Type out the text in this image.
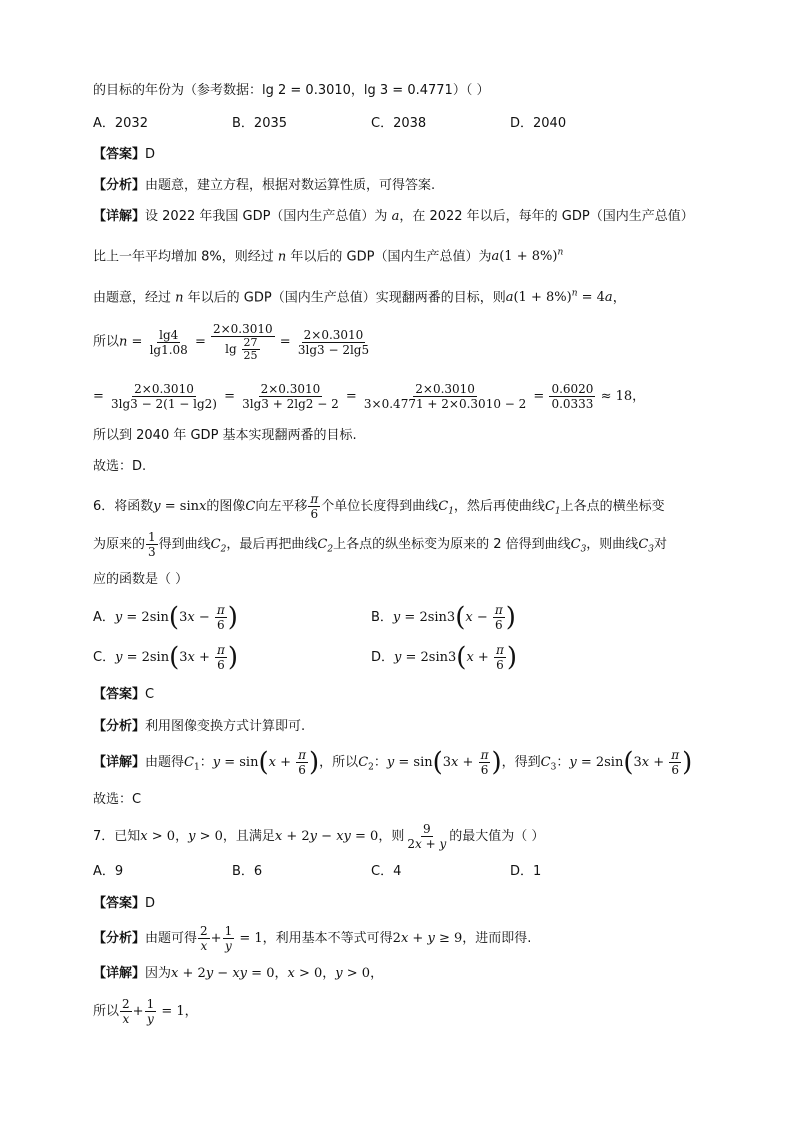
的目标的年份为（参考数据：lg 2 = 0.3010，lg 3 = 0.4771）（ ）
A．2032	B．2035	C．2038	D．2040
【答案】D
【分析】由题意，建立方程，根据对数运算性质，可得答案.
【详解】设 2022 年我国 GDP（国内生产总值）为 a，在 2022 年以后，每年的 GDP（国内生产总值）
比上一年平均增加 8%，则经过 n 年以后的 GDP（国内生产总值）为$a(1 + 8\%)^n$
由题意，经过 n 年以后的 GDP（国内生产总值）实现翻两番的目标，则$a(1 + 8\%)^n = 4a$，
所以$n = \frac{\lg 4}{\lg 1.08} = \frac{2\times 0.3010}{\lg \frac{27}{25}} = \frac{2\times 0.3010}{3\lg 3 - 2\lg 5}$
= $\frac{2\times 0.3010}{3\lg 3 - 2(1 - \lg 2)} = \frac{2\times 0.3010}{3\lg 3 + 2\lg 2 - 2} = \frac{2\times 0.3010}{3\times 0.4771 + 2\times 0.3010 - 2} = \frac{0.6020}{0.0333} \approx 18$，
所以到 2040 年 GDP 基本实现翻两番的目标.
故选：D.
6．将函数y = sinx的图像C向左平移 $\frac{\pi}{6}$ 个单位长度得到曲线$C_1$，然后再使曲线$C_1$上各点的横坐标变
为原来的 $\frac{1}{3}$ 得到曲线$C_2$，最后再把曲线$C_2$上各点的纵坐标变为原来的 2 倍得到曲线$C_3$，则曲线$C_3$对
应的函数是（ ）
A．$y = 2\sin(3x - \frac{\pi}{6}$ )	B．$y = 2\sin 3(x - \frac{\pi}{6}$ )
C．$y = 2\sin(3x + \frac{\pi}{6}$ )	D．$y = 2\sin 3(x + \frac{\pi}{6}$ )
【答案】C
【分析】利用图像变换方式计算即可.
【详解】由题得$C_1$：$y = \sin(x + \frac{\pi}{6}$ )，所以$C_2$：$y = \sin(3x + \frac{\pi}{6}$ )，得到$C_3$：$y = 2\sin(3x + \frac{\pi}{6}$ )
故选：C
7．已知x > 0，y > 0，且满足x + 2y − xy = 0，则 $\frac{9}{2x + y}$ 的最大值为（ ）
A．9	B．6	C．4	D．1
【答案】D
【分析】由题可得 $\frac{2}{x} + \frac{1}{y} = 1$，利用基本不等式可得2x + y ≥ 9，进而即得.
【详解】因为x + 2y − xy = 0，x > 0，y > 0，
所以 $\frac{2}{x} + \frac{1}{y} = 1$，
